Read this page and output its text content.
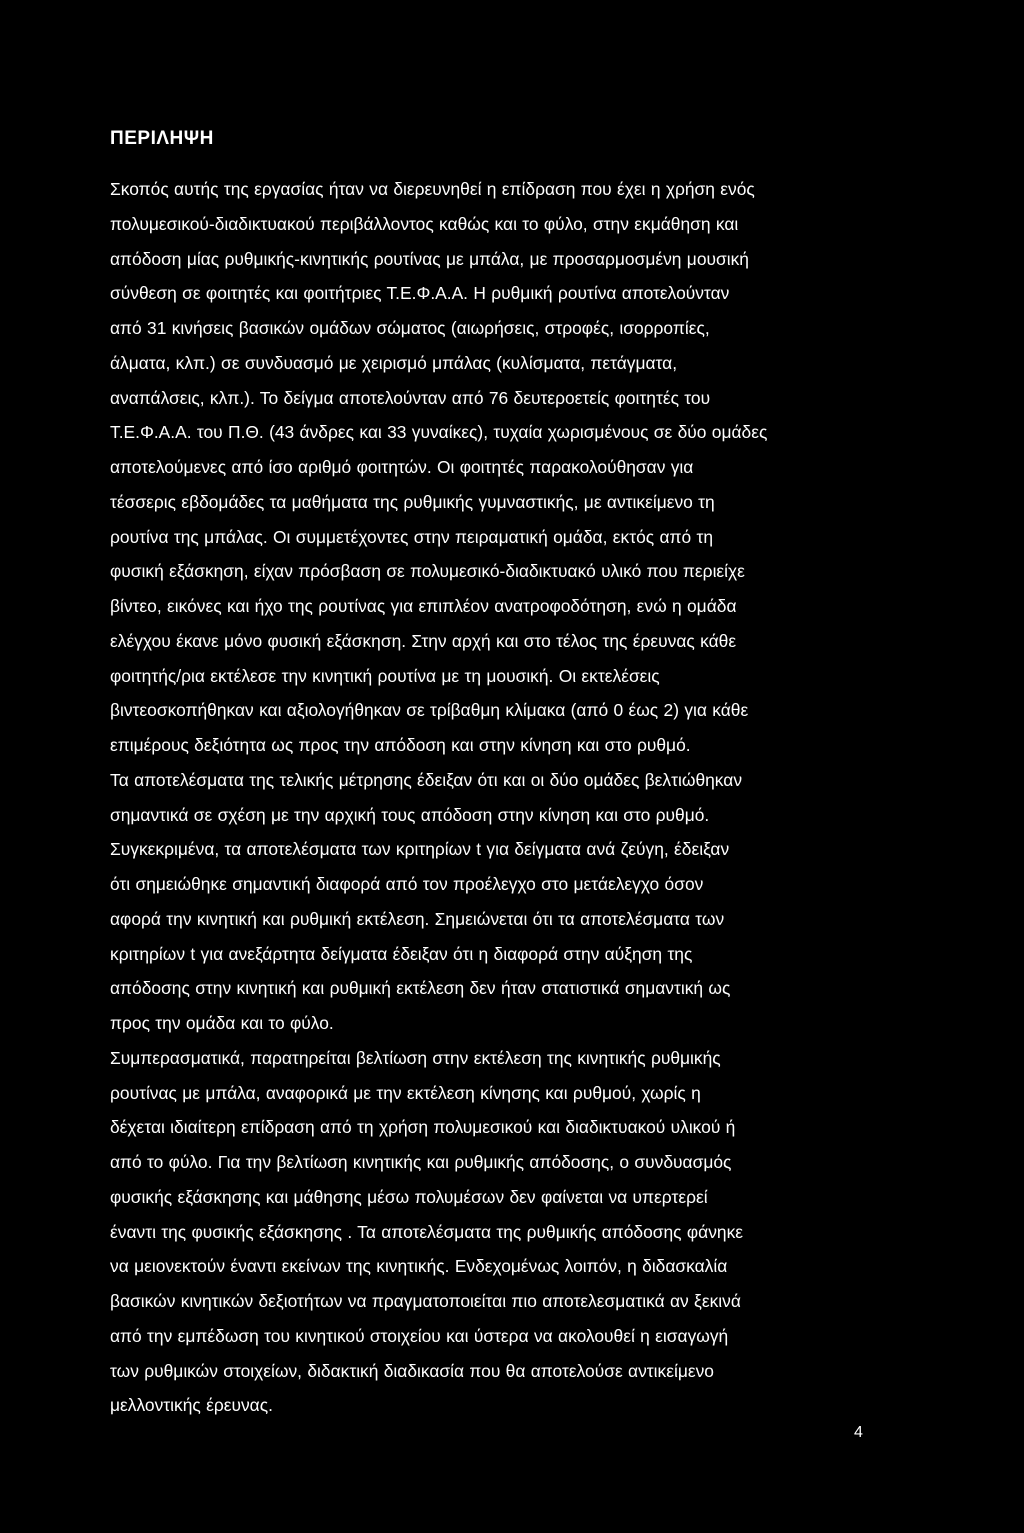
ΠΕΡΙΛΗΨΗ
Σκοπός αυτής της εργασίας ήταν να διερευνηθεί η επίδραση που έχει η χρήση ενός
πολυμεσικού-διαδικτυακού περιβάλλοντος καθώς και το φύλο, στην εκμάθηση και
απόδοση μίας ρυθμικής-κινητικής ρουτίνας με μπάλα, με προσαρμοσμένη μουσική
σύνθεση σε φοιτητές και φοιτήτριες Τ.Ε.Φ.Α.Α. Η ρυθμική ρουτίνα αποτελούνταν
από 31 κινήσεις βασικών ομάδων σώματος (αιωρήσεις, στροφές, ισορροπίες,
άλματα, κλπ.) σε συνδυασμό με χειρισμό μπάλας (κυλίσματα, πετάγματα,
αναπάλσεις, κλπ.). Το δείγμα αποτελούνταν από 76 δευτεροετείς φοιτητές του
Τ.Ε.Φ.Α.Α. του Π.Θ. (43 άνδρες και 33 γυναίκες), τυχαία χωρισμένους σε δύο ομάδες
αποτελούμενες από ίσο αριθμό φοιτητών. Οι φοιτητές παρακολούθησαν για
τέσσερις εβδομάδες τα μαθήματα της ρυθμικής γυμναστικής, με αντικείμενο τη
ρουτίνα της μπάλας. Οι συμμετέχοντες στην πειραματική ομάδα, εκτός από τη
φυσική εξάσκηση, είχαν πρόσβαση σε πολυμεσικό-διαδικτυακό υλικό που περιείχε
βίντεο, εικόνες και ήχο της ρουτίνας για επιπλέον ανατροφοδότηση, ενώ η ομάδα
ελέγχου έκανε μόνο φυσική εξάσκηση. Στην αρχή και στο τέλος της έρευνας κάθε
φοιτητής/ρια εκτέλεσε την κινητική ρουτίνα με τη μουσική. Οι εκτελέσεις
βιντεοσκοπήθηκαν και αξιολογήθηκαν σε τρίβαθμη κλίμακα (από 0 έως 2) για κάθε
επιμέρους δεξιότητα ως προς την απόδοση και στην κίνηση και στο ρυθμό.
Τα αποτελέσματα της τελικής μέτρησης έδειξαν ότι και οι δύο ομάδες βελτιώθηκαν
σημαντικά σε σχέση με την αρχική τους απόδοση στην κίνηση και στο ρυθμό.
Συγκεκριμένα, τα αποτελέσματα των κριτηρίων t για δείγματα ανά ζεύγη, έδειξαν
ότι σημειώθηκε σημαντική διαφορά από τον προέλεγχο στο μετάελεγχο όσον
αφορά την κινητική και ρυθμική εκτέλεση. Σημειώνεται ότι τα αποτελέσματα των
κριτηρίων t για ανεξάρτητα δείγματα έδειξαν ότι η διαφορά στην αύξηση της
απόδοσης στην κινητική και ρυθμική εκτέλεση δεν ήταν στατιστικά σημαντική ως
προς την ομάδα και το φύλο.
Συμπερασματικά, παρατηρείται βελτίωση στην εκτέλεση της κινητικής ρυθμικής
ρουτίνας με μπάλα, αναφορικά με την εκτέλεση κίνησης και ρυθμού, χωρίς η
δέχεται ιδιαίτερη επίδραση από τη χρήση πολυμεσικού και διαδικτυακού υλικού ή
από το φύλο. Για την βελτίωση κινητικής και ρυθμικής απόδοσης, ο συνδυασμός
φυσικής εξάσκησης και μάθησης μέσω πολυμέσων δεν φαίνεται να υπερτερεί
έναντι της φυσικής εξάσκησης . Τα αποτελέσματα της ρυθμικής απόδοσης φάνηκε
να μειονεκτούν έναντι εκείνων της κινητικής. Ενδεχομένως λοιπόν, η διδασκαλία
βασικών κινητικών δεξιοτήτων να πραγματοποιείται πιο αποτελεσματικά αν ξεκινά
από την εμπέδωση του κινητικού στοιχείου και ύστερα να ακολουθεί η εισαγωγή
των ρυθμικών στοιχείων, διδακτική διαδικασία που θα αποτελούσε αντικείμενο
μελλοντικής έρευνας.
4
